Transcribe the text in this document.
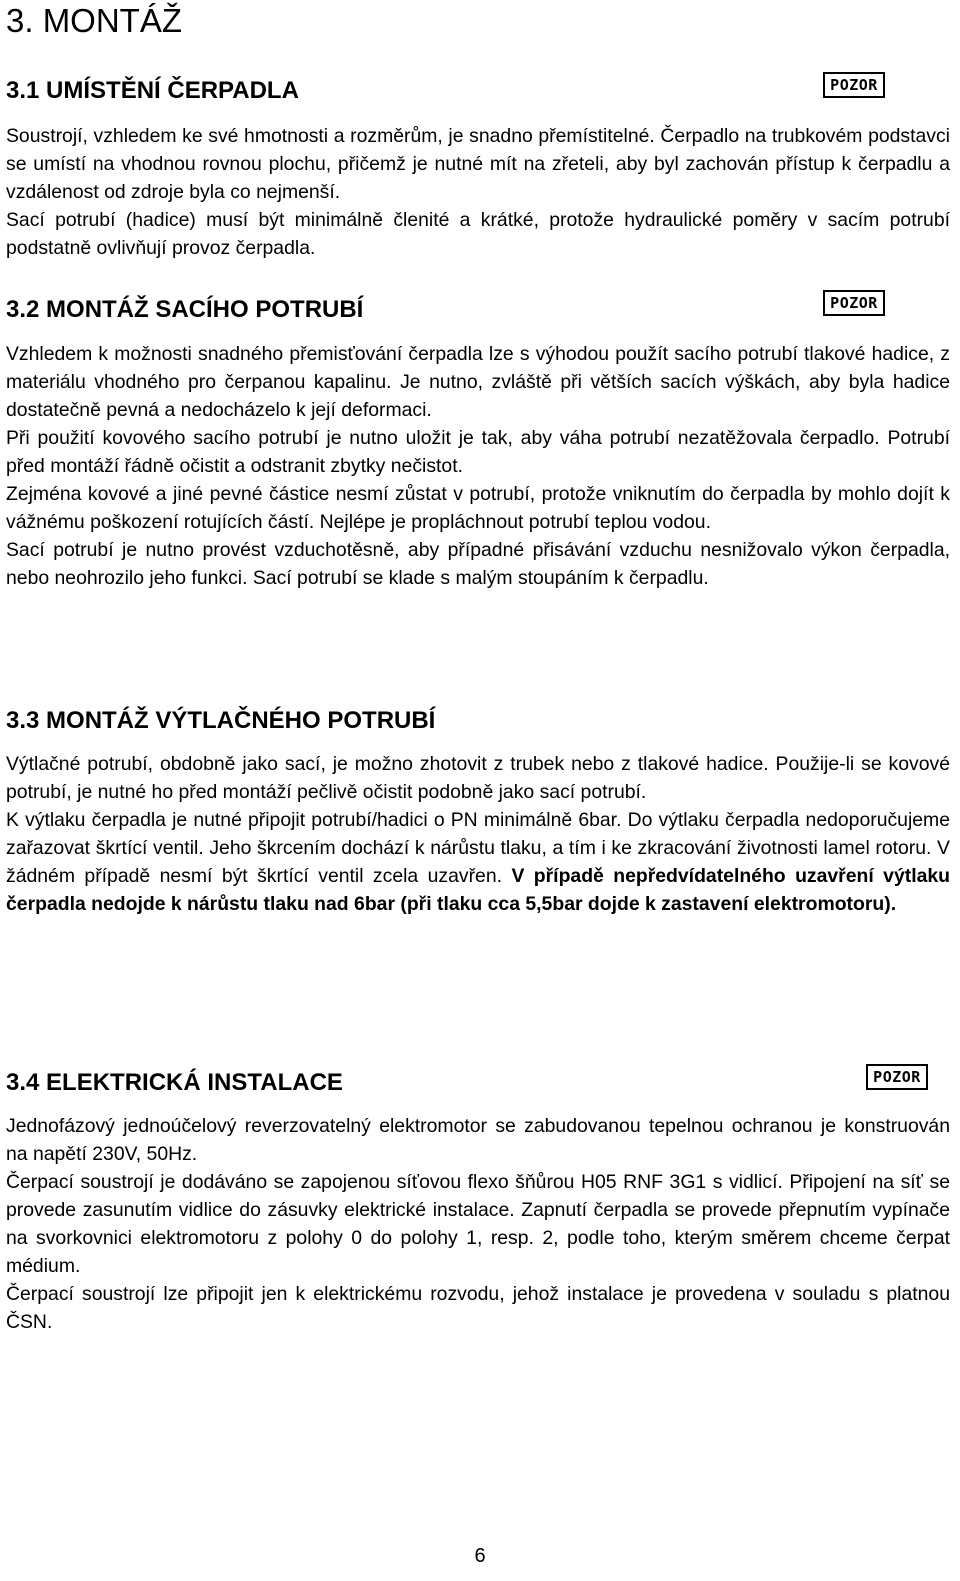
3. MONTÁŽ
3.1 UMÍSTĚNÍ ČERPADLA	POZOR

Soustrojí, vzhledem ke své hmotnosti a rozměrům, je snadno přemístitelné. Čerpadlo na trubkovém podstavci se umístí na vhodnou rovnou plochu, přičemž je nutné mít na zřeteli, aby byl zachován přístup k čerpadlu a vzdálenost od zdroje byla co nejmenší.

Sací potrubí (hadice) musí být minimálně členité a krátké, protože hydraulické poměry v sacím potrubí podstatně ovlivňují provoz čerpadla.

3.2 MONTÁŽ SACÍHO POTRUBÍ	POZOR

Vzhledem k možnosti snadného přemisťování čerpadla lze s výhodou použít sacího potrubí tlakové hadice, z materiálu vhodného pro čerpanou kapalinu. Je nutno, zvláště při větších sacích výškách, aby byla hadice dostatečně pevná a nedocházelo k její deformaci.

Při použití kovového sacího potrubí je nutno uložit je tak, aby váha potrubí nezatěžovala čerpadlo. Potrubí před montáží řádně očistit a odstranit zbytky nečistot.

Zejména kovové a jiné pevné částice nesmí zůstat v potrubí, protože vniknutím do čerpadla by mohlo dojít k vážnému poškození rotujících částí. Nejlépe je propláchnout potrubí teplou vodou.

Sací potrubí je nutno provést vzduchotěsně, aby případné přisávání vzduchu nesnižovalo výkon čerpadla, nebo neohrozilo jeho funkci. Sací potrubí se klade s malým stoupáním k čerpadlu.

3.3 MONTÁŽ VÝTLAČNÉHO POTRUBÍ

Výtlačné potrubí, obdobně jako sací, je možno zhotovit z trubek nebo z tlakové hadice. Použije-li se kovové potrubí, je nutné ho před montáží pečlivě očistit podobně jako sací potrubí.

K výtlaku čerpadla je nutné připojit potrubí/hadici o PN minimálně 6bar. Do výtlaku čerpadla nedoporučujeme zařazovat škrtící ventil. Jeho škrcením dochází k nárůstu tlaku, a tím i ke zkracování životnosti lamel rotoru. V žádném případě nesmí být škrtící ventil zcela uzavřen. V případě nepředvídatelného uzavření výtlaku čerpadla nedojde k nárůstu tlaku nad 6bar (při tlaku cca 5,5bar dojde k zastavení elektromotoru).

3.4 ELEKTRICKÁ INSTALACE	POZOR

Jednofázový jednoúčelový reverzovatelný elektromotor se zabudovanou tepelnou ochranou je konstruován na napětí 230V, 50Hz.

Čerpací soustrojí je dodáváno se zapojenou síťovou flexo šňůrou H05 RNF 3G1 s vidlicí. Připojení na síť se provede zasunutím vidlice do zásuvky elektrické instalace. Zapnutí čerpadla se provede přepnutím vypínače na svorkovnici elektromotoru z polohy 0 do polohy 1, resp. 2, podle toho, kterým směrem chceme čerpat médium.

Čerpací soustrojí lze připojit jen k elektrickému rozvodu, jehož instalace je provedena v souladu s platnou ČSN.

6
